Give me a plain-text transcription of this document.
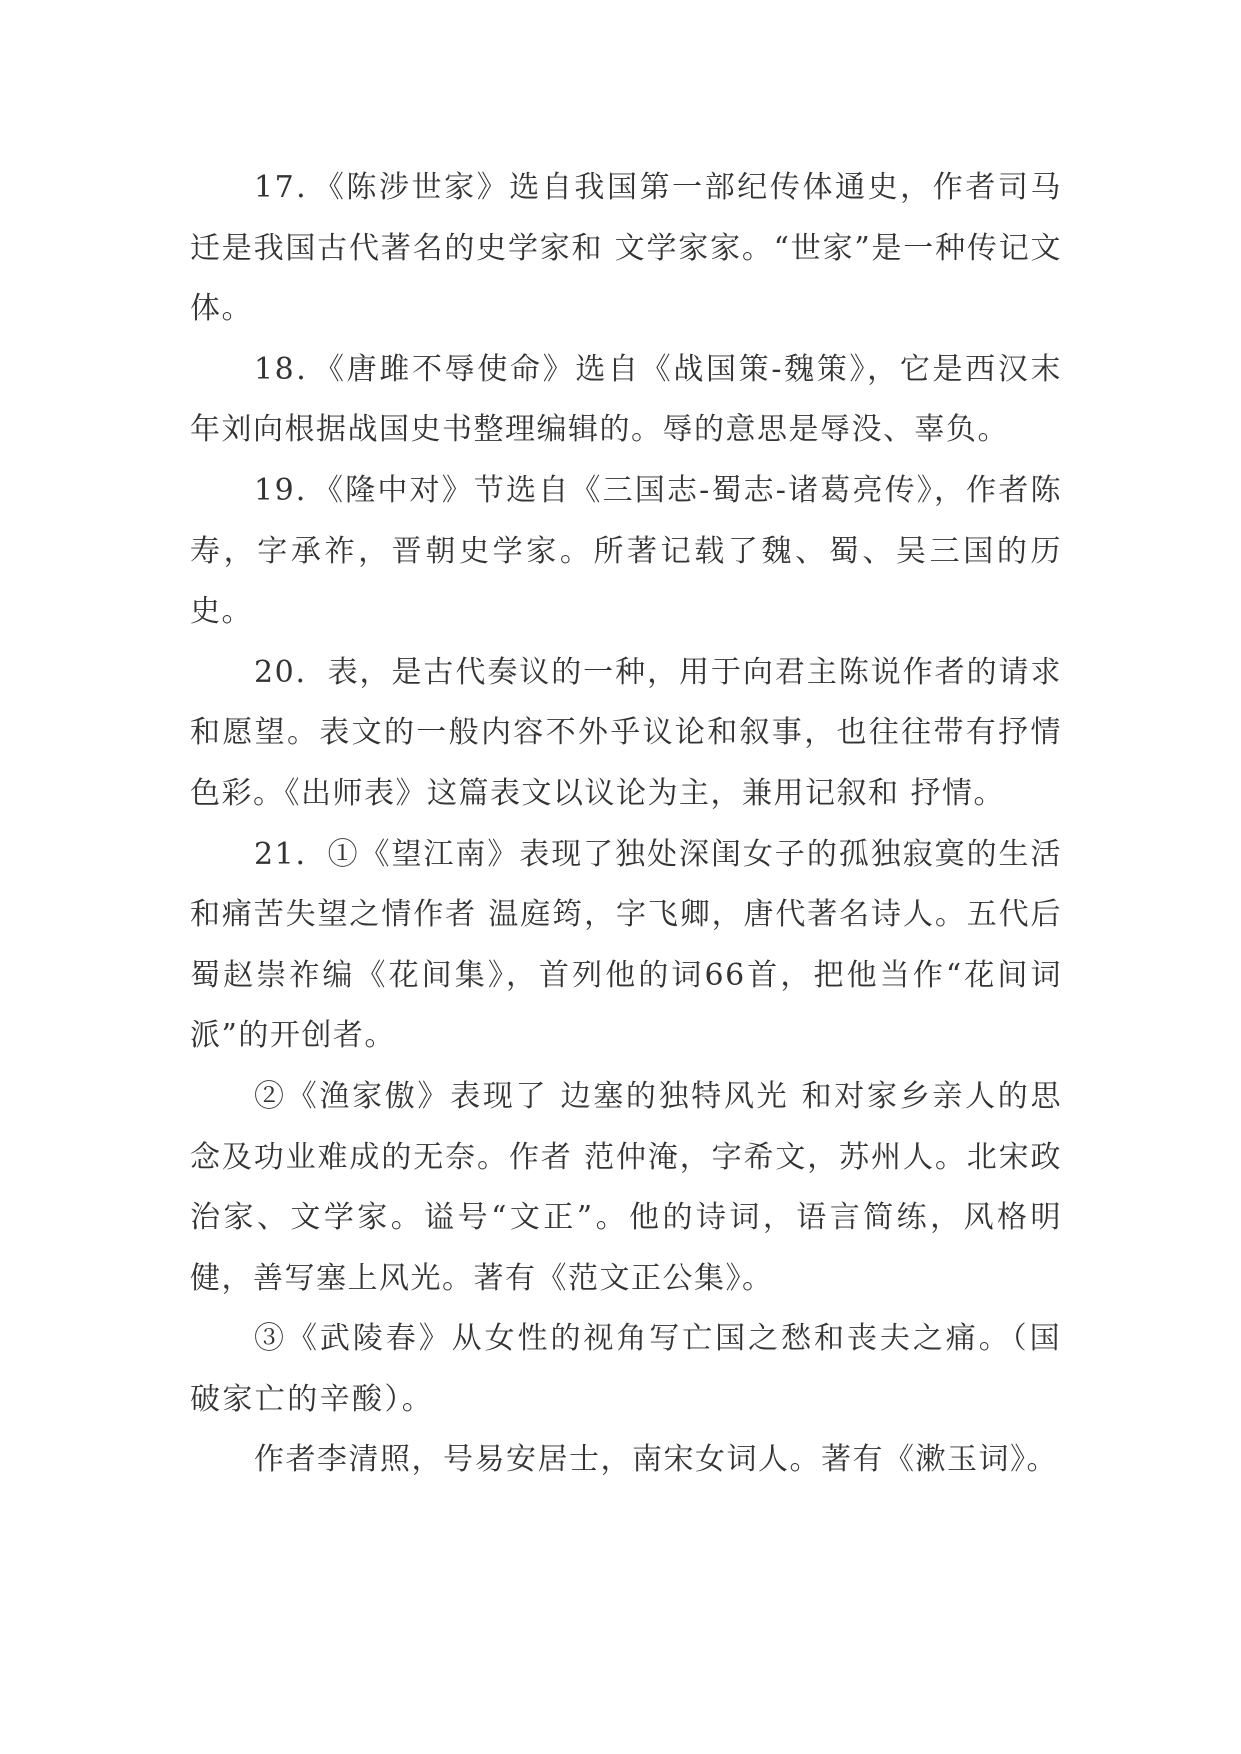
17．《陈涉世家》选自我国第一部纪传体通史，作者司马迁是我国古代著名的史学家和 文学家家。“世家”是一种传记文体。

18．《唐雎不辱使命》选自《战国策-魏策》，它是西汉末年刘向根据战国史书整理编辑的。辱的意思是辱没、辜负。

19．《隆中对》节选自《三国志-蜀志-诸葛亮传》，作者陈寿，字承祚，晋朝史学家。所著记载了魏、蜀、吴三国的历史。

20．表，是古代奏议的一种，用于向君主陈说作者的请求和愿望。表文的一般内容不外乎议论和叙事，也往往带有抒情色彩。《出师表》这篇表文以议论为主，兼用记叙和 抒情。

21．①《望江南》表现了独处深闺女子的孤独寂寞的生活和痛苦失望之情作者 温庭筠，字飞卿，唐代著名诗人。五代后蜀赵崇祚编《花间集》，首列他的词66首，把他当作“花间词派”的开创者。

②《渔家傲》表现了 边塞的独特风光 和对家乡亲人的思念及功业难成的无奈。作者 范仲淹，字希文，苏州人。北宋政治家、文学家。谥号“文正”。他的诗词，语言简练，风格明健，善写塞上风光。著有《范文正公集》。

③《武陵春》从女性的视角写亡国之愁和丧夫之痛。（国破家亡的辛酸）。

作者李清照，号易安居士，南宋女词人。著有《漱玉词》。
